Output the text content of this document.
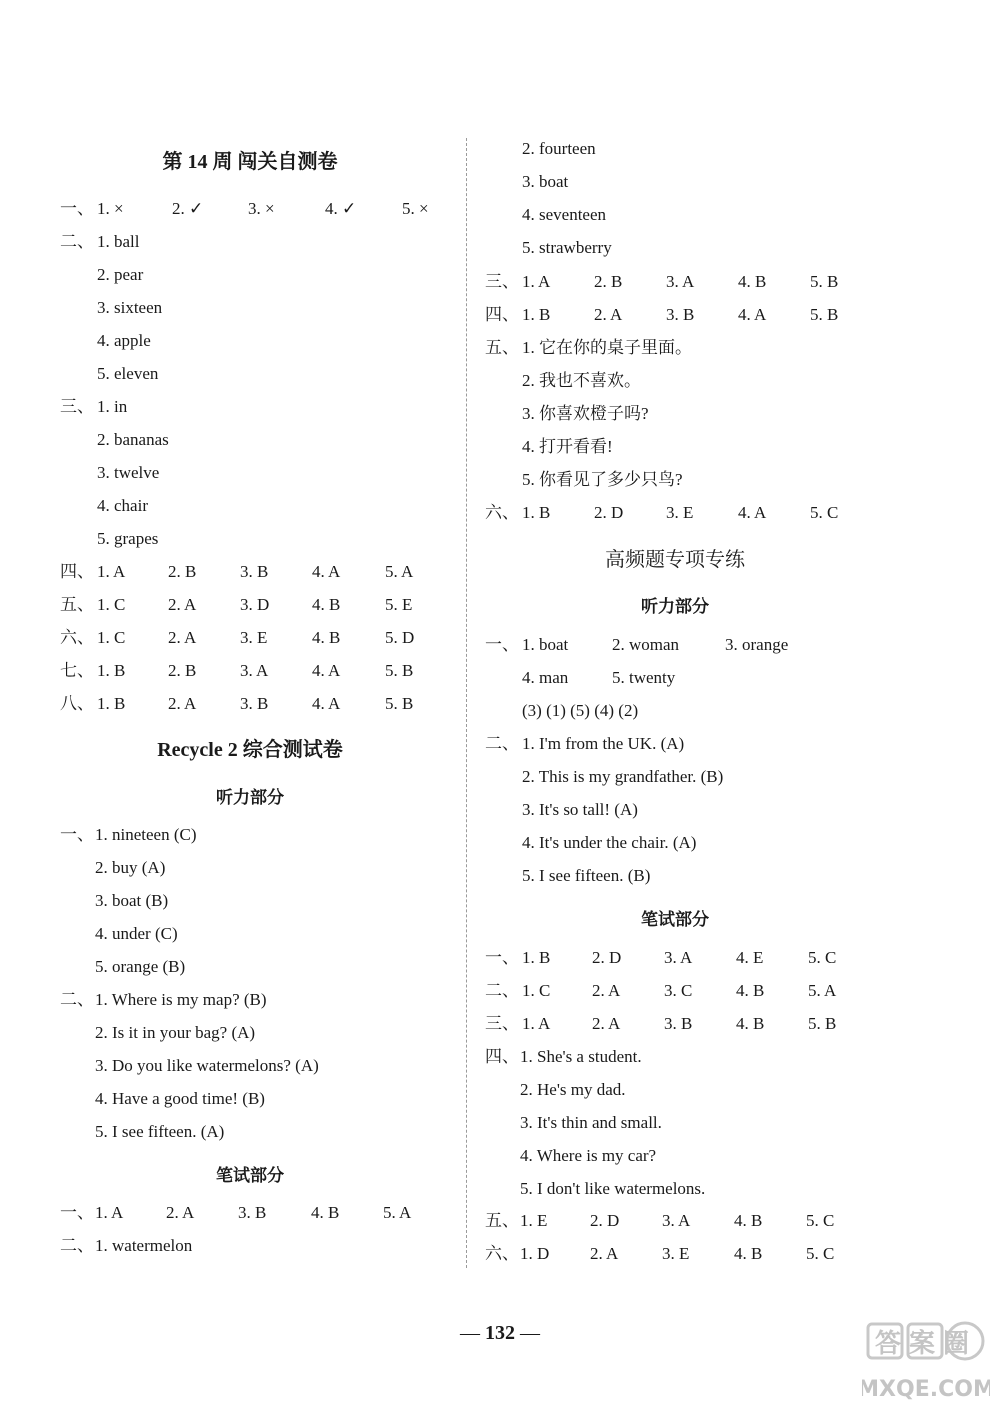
第 14 周 闯关自测卷
一、 1. ×	2. ✓	3. ×	4. ✓	5. ×
二、 1. ball
2. pear
3. sixteen
4. apple
5. eleven
三、 1. in
2. bananas
3. twelve
4. chair
5. grapes
四、 1. A	2. B	3. B	4. A	5. A
五、 1. C	2. A	3. D	4. B	5. E
六、 1. C	2. A	3. E	4. B	5. D
七、 1. B	2. B	3. A	4. A	5. B
八、 1. B	2. A	3. B	4. A	5. B
Recycle 2 综合测试卷
听力部分
一、 1. nineteen (C)
2. buy (A)
3. boat (B)
4. under (C)
5. orange (B)
二、 1. Where is my map? (B)
2. Is it in your bag? (A)
3. Do you like watermelons? (A)
4. Have a good time! (B)
5. I see fifteen. (A)
笔试部分
一、 1. A	2. A	3. B	4. B	5. A
二、 1. watermelon
2. fourteen
3. boat
4. seventeen
5. strawberry
三、 1. A	2. B	3. A	4. B	5. B
四、 1. B	2. A	3. B	4. A	5. B
五、 1. 它在你的桌子里面。
2. 我也不喜欢。
3. 你喜欢橙子吗?
4. 打开看看!
5. 你看见了多少只鸟?
六、 1. B	2. D	3. E	4. A	5. C
高频题专项专练
听力部分
一、 1. boat	2. woman	3. orange
4. man	5. twenty
(3) (1) (5) (4) (2)
二、 1. I'm from the UK. (A)
2. This is my grandfather. (B)
3. It's so tall! (A)
4. It's under the chair. (A)
5. I see fifteen. (B)
笔试部分
一、 1. B 2. D	3. A	4. E	5. C
二、 1. C 2. A	3. C	4. B	5. A
三、 1. A 2. A	3. B	4. B	5. B
四、 1. She's a student.
2. He's my dad.
3. It's thin and small.
4. Where is my car?
5. I don't like watermelons.
五、 1. E	2. D	3. A	4. B	5. C
六、 1. D 2. A	3. E	4. B	5. C
— 132 —	答案圈
MXQE.COM
